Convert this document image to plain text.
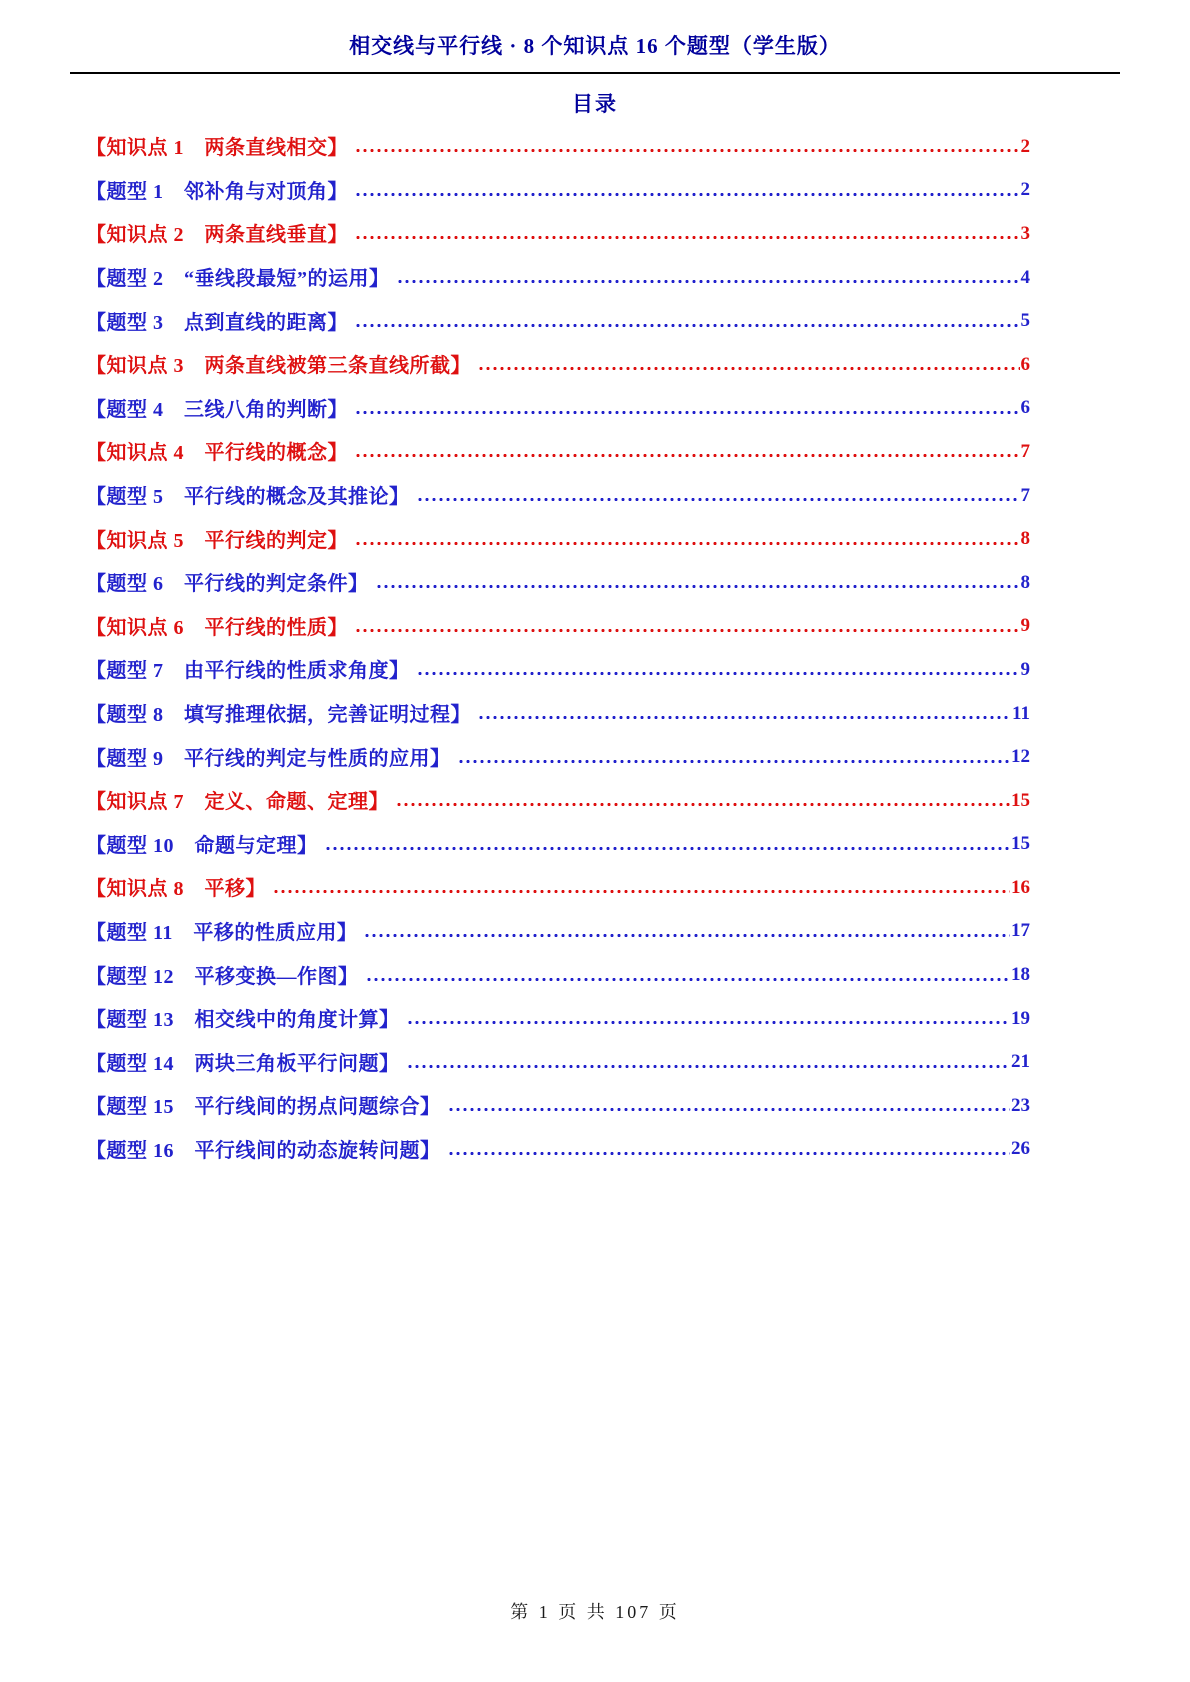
相交线与平行线 · 8 个知识点 16 个题型（学生版）
目录
【知识点 1　两条直线相交】	2
【题型 1　邻补角与对顶角】	2
【知识点 2　两条直线垂直】	3
【题型 2　“垂线段最短”的运用】	4
【题型 3　点到直线的距离】	5
【知识点 3　两条直线被第三条直线所截】	6
【题型 4　三线八角的判断】	6
【知识点 4　平行线的概念】	7
【题型 5　平行线的概念及其推论】	7
【知识点 5　平行线的判定】	8
【题型 6　平行线的判定条件】	8
【知识点 6　平行线的性质】	9
【题型 7　由平行线的性质求角度】	9
【题型 8　填写推理依据，完善证明过程】	11
【题型 9　平行线的判定与性质的应用】	12
【知识点 7　定义、命题、定理】	15
【题型 10　命题与定理】	15
【知识点 8　平移】	16
【题型 11　平移的性质应用】	17
【题型 12　平移变换—作图】	18
【题型 13　相交线中的角度计算】	19
【题型 14　两块三角板平行问题】	21
【题型 15　平行线间的拐点问题综合】	23
【题型 16　平行线间的动态旋转问题】	26
第 1 页 共 107 页
